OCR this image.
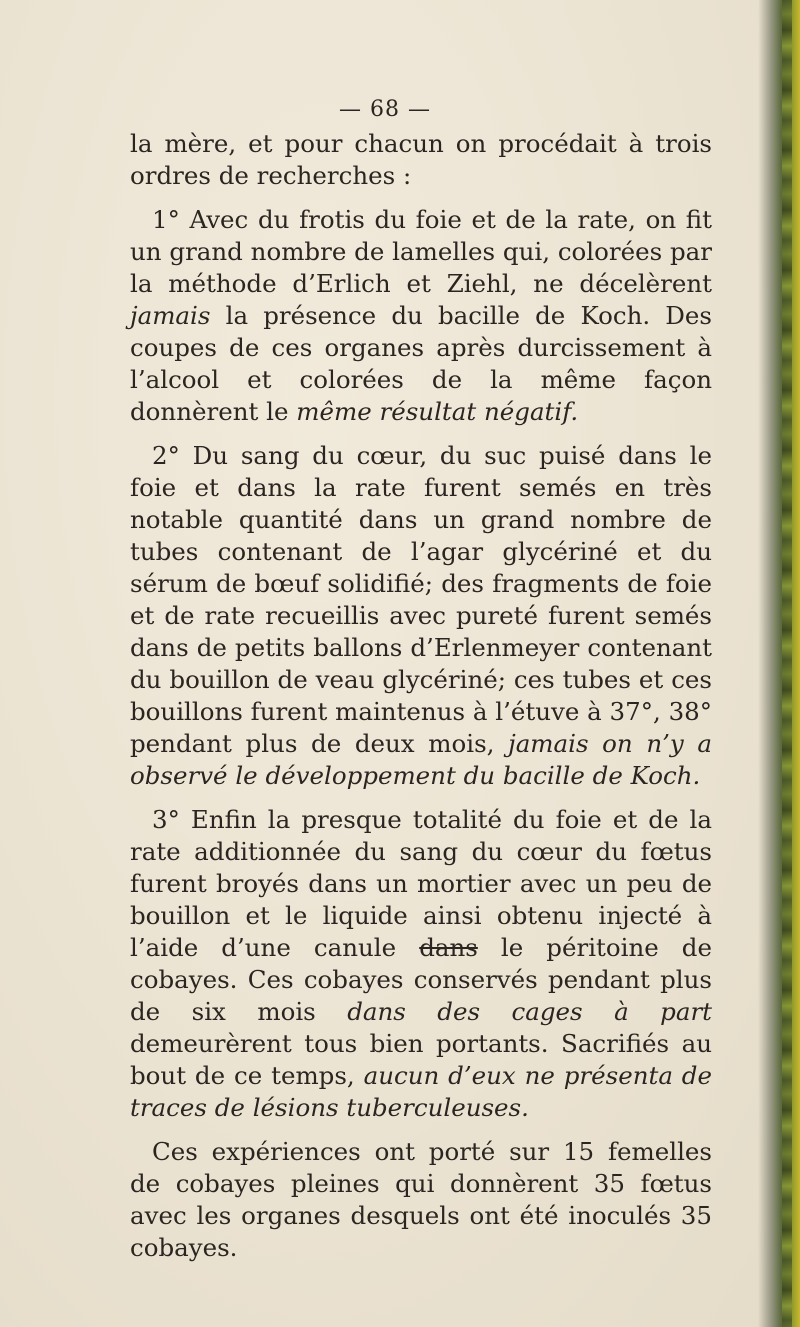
— 68 —

la mère, et pour chacun on procédait à trois ordres de recherches :

1° Avec du frotis du foie et de la rate, on fit un grand nombre de lamelles qui, colorées par la méthode d’Erlich et Ziehl, ne décelèrent jamais la présence du bacille de Koch. Des coupes de ces organes après durcissement à l’alcool et colorées de la même façon donnèrent le même résultat négatif.

2° Du sang du cœur, du suc puisé dans le foie et dans la rate furent semés en très notable quantité dans un grand nombre de tubes contenant de l’agar glycériné et du sérum de bœuf solidifié; des fragments de foie et de rate recueillis avec pureté furent semés dans de petits ballons d’Erlenmeyer contenant du bouillon de veau glycériné; ces tubes et ces bouillons furent maintenus à l’étuve à 37°, 38° pendant plus de deux mois, jamais on n’y a observé le développement du bacille de Koch.

3° Enfin la presque totalité du foie et de la rate additionnée du sang du cœur du fœtus furent broyés dans un mortier avec un peu de bouillon et le liquide ainsi obtenu injecté à l’aide d’une canule dans le péritoine de cobayes. Ces cobayes conservés pendant plus de six mois dans des cages à part demeurèrent tous bien portants. Sacrifiés au bout de ce temps, aucun d’eux ne présenta de traces de lésions tuberculeuses.

Ces expériences ont porté sur 15 femelles de cobayes pleines qui donnèrent 35 fœtus avec les organes desquels ont été inoculés 35 cobayes.
